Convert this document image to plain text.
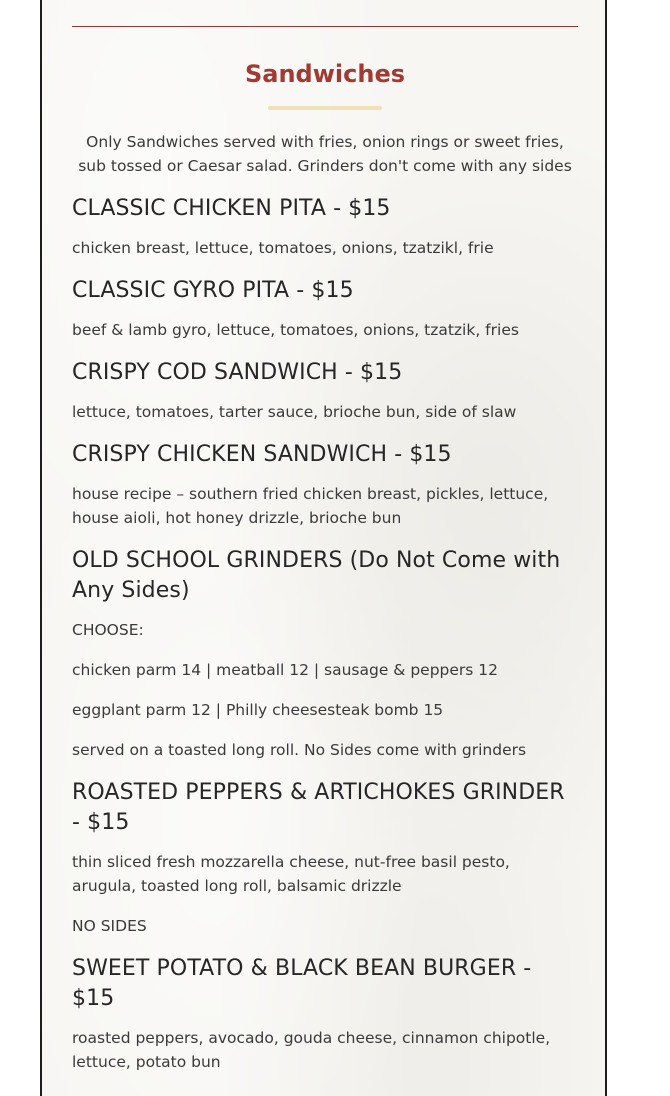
Sandwiches
Only Sandwiches served with fries, onion rings or sweet fries, sub tossed or Caesar salad. Grinders don't come with any sides
CLASSIC CHICKEN PITA - $15

chicken breast, lettuce, tomatoes, onions, tzatzikl, frie

CLASSIC GYRO PITA - $15

beef & lamb gyro, lettuce, tomatoes, onions, tzatzik, fries

CRISPY COD SANDWICH - $15

lettuce, tomatoes, tarter sauce, brioche bun, side of slaw

CRISPY CHICKEN SANDWICH - $15

house recipe – southern fried chicken breast, pickles, lettuce, house aioli, hot honey drizzle, brioche bun

OLD SCHOOL GRINDERS (Do Not Come with Any Sides)

CHOOSE:

chicken parm 14 | meatball 12 | sausage & peppers 12

eggplant parm 12 | Philly cheesesteak bomb 15

served on a toasted long roll. No Sides come with grinders

ROASTED PEPPERS & ARTICHOKES GRINDER - $15

thin sliced fresh mozzarella cheese, nut-free basil pesto, arugula, toasted long roll, balsamic drizzle

NO SIDES

SWEET POTATO & BLACK BEAN BURGER - $15

roasted peppers, avocado, gouda cheese, cinnamon chipotle, lettuce, potato bun
